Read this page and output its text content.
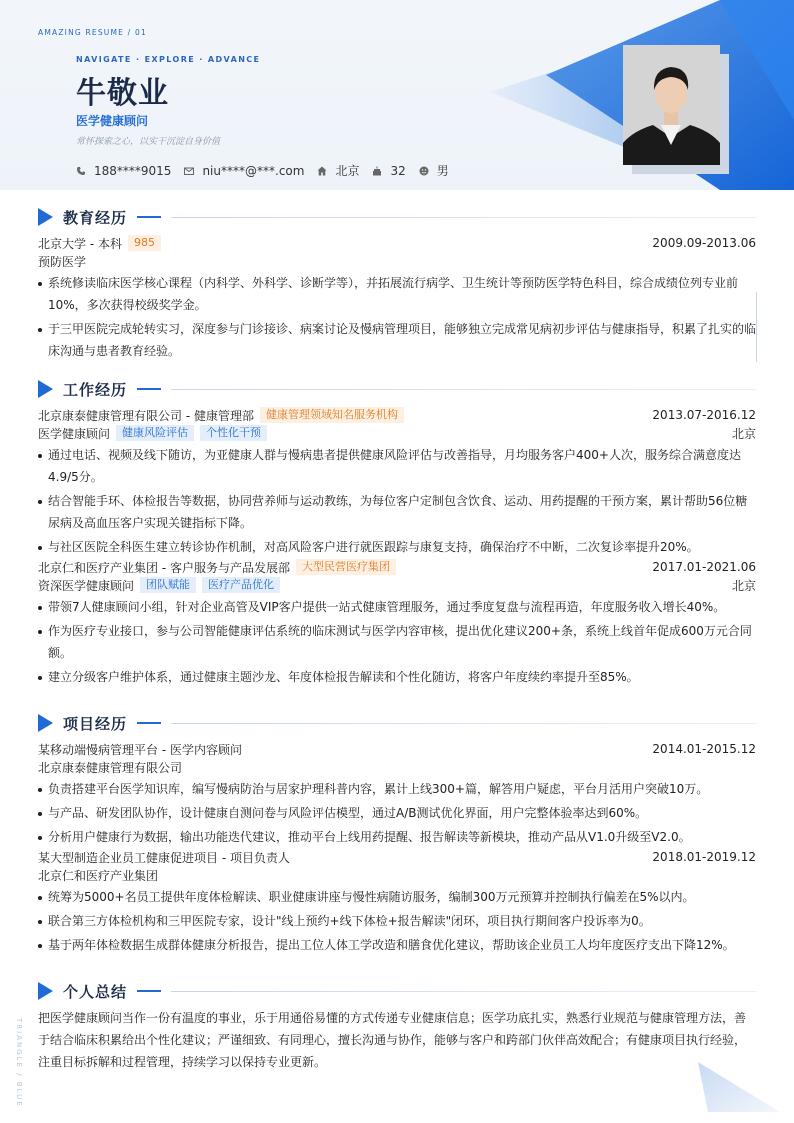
AMAZING RESUME / 01
NAVIGATE · EXPLORE · ADVANCE
牛敬业
医学健康顾问
常怀探索之心，以实干沉淀自身价值
188****9015	niu****@***.com	北京	32	男
教育经历
北京大学 - 本科	985	2009.09-2013.06
预防医学
系统修读临床医学核心课程（内科学、外科学、诊断学等），并拓展流行病学、卫生统计等预防医学特色科目，综合成绩位列专业前10%，多次获得校级奖学金。
于三甲医院完成轮转实习，深度参与门诊接诊、病案讨论及慢病管理项目，能够独立完成常见病初步评估与健康指导，积累了扎实的临床沟通与患者教育经验。
工作经历
北京康泰健康管理有限公司 - 健康管理部	健康管理领域知名服务机构	2013.07-2016.12
医学健康顾问	健康风险评估	个性化干预	北京
通过电话、视频及线下随访，为亚健康人群与慢病患者提供健康风险评估与改善指导，月均服务客户400+人次，服务综合满意度达4.9/5分。
结合智能手环、体检报告等数据，协同营养师与运动教练，为每位客户定制包含饮食、运动、用药提醒的干预方案，累计帮助56位糖尿病及高血压客户实现关键指标下降。
与社区医院全科医生建立转诊协作机制，对高风险客户进行就医跟踪与康复支持，确保治疗不中断，二次复诊率提升20%。
北京仁和医疗产业集团 - 客户服务与产品发展部	大型民营医疗集团	2017.01-2021.06
资深医学健康顾问	团队赋能	医疗产品优化	北京
带领7人健康顾问小组，针对企业高管及VIP客户提供一站式健康管理服务，通过季度复盘与流程再造，年度服务收入增长40%。
作为医疗专业接口，参与公司智能健康评估系统的临床测试与医学内容审核，提出优化建议200+条，系统上线首年促成600万元合同额。
建立分级客户维护体系，通过健康主题沙龙、年度体检报告解读和个性化随访，将客户年度续约率提升至85%。
项目经历
某移动端慢病管理平台 - 医学内容顾问	2014.01-2015.12
北京康泰健康管理有限公司
负责搭建平台医学知识库，编写慢病防治与居家护理科普内容，累计上线300+篇，解答用户疑虑，平台月活用户突破10万。
与产品、研发团队协作，设计健康自测问卷与风险评估模型，通过A/B测试优化界面，用户完整体验率达到60%。
分析用户健康行为数据，输出功能迭代建议，推动平台上线用药提醒、报告解读等新模块，推动产品从V1.0升级至V2.0。
某大型制造企业员工健康促进项目 - 项目负责人	2018.01-2019.12
北京仁和医疗产业集团
统筹为5000+名员工提供年度体检解读、职业健康讲座与慢性病随访服务，编制300万元预算并控制执行偏差在5%以内。
联合第三方体检机构和三甲医院专家，设计"线上预约+线下体检+报告解读"闭环，项目执行期间客户投诉率为0。
基于两年体检数据生成群体健康分析报告，提出工位人体工学改造和膳食优化建议，帮助该企业员工人均年度医疗支出下降12%。
个人总结
把医学健康顾问当作一份有温度的事业，乐于用通俗易懂的方式传递专业健康信息；医学功底扎实，熟悉行业规范与健康管理方法，善于结合临床积累给出个性化建议；严谨细致、有同理心，擅长沟通与协作，能够与客户和跨部门伙伴高效配合；有健康项目执行经验，注重目标拆解和过程管理，持续学习以保持专业更新。
TRIANGLE / BLUE
